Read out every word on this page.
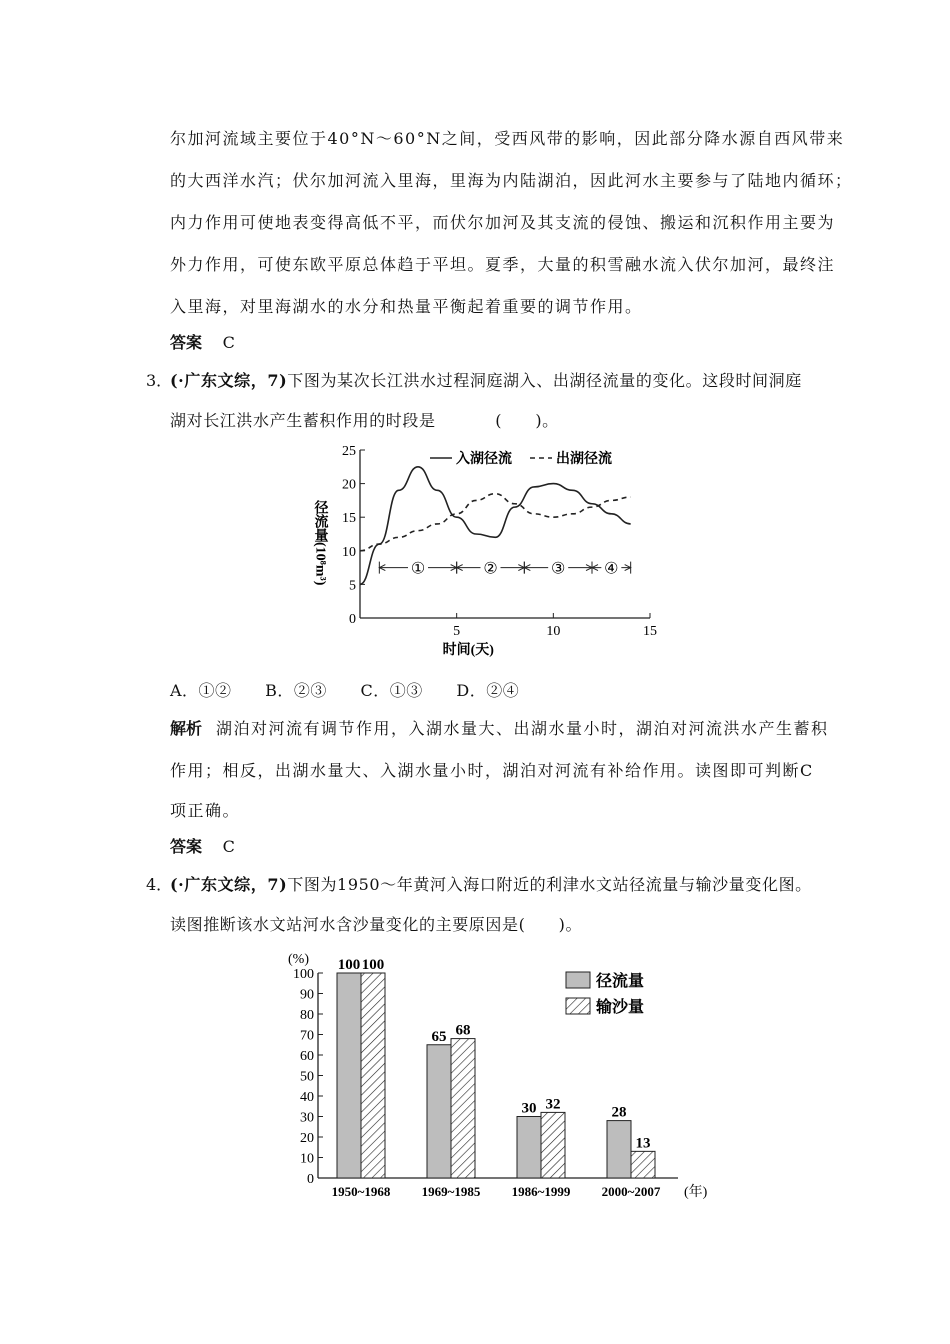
尔加河流域主要位于40°N～60°N之间，受西风带的影响，因此部分降水源自西风带来
的大西洋水汽；伏尔加河流入里海，里海为内陆湖泊，因此河水主要参与了陆地内循环；
内力作用可使地表变得高低不平，而伏尔加河及其支流的侵蚀、搬运和沉积作用主要为
外力作用，可使东欧平原总体趋于平坦。夏季，大量的积雪融水流入伏尔加河，最终注
入里海，对里海湖水的水分和热量平衡起着重要的调节作用。
答案 C
3．
(·广东文综，7)下图为某次长江洪水过程洞庭湖入、出湖径流量的变化。这段时间洞庭
湖对长江洪水产生蓄积作用的时段是	(　　)。
0
5
10
15
20
25
5	10	15
时间(天)
径流量(10⁸m³)	①	②	③ ④
入湖径流	出湖径流
A．①② B．②③ C．①③ D．②④
解析 湖泊对河流有调节作用，入湖水量大、出湖水量小时，湖泊对河流洪水产生蓄积
作用；相反，出湖水量大、入湖水量小时，湖泊对河流有补给作用。读图即可判断C
项正确。
答案 C
4．
(·广东文综，7)下图为1950～年黄河入海口附近的利津水文站径流量与输沙量变化图。
读图推断该水文站河水含沙量变化的主要原因是(　　)。
0
10
20
30
40
50
60
70
80
90
100
(%)
(年)
100 100
1950~1968
65 68
1969~1985
30 32
1986~1999
28
13
2000~2007
径流量
输沙量
